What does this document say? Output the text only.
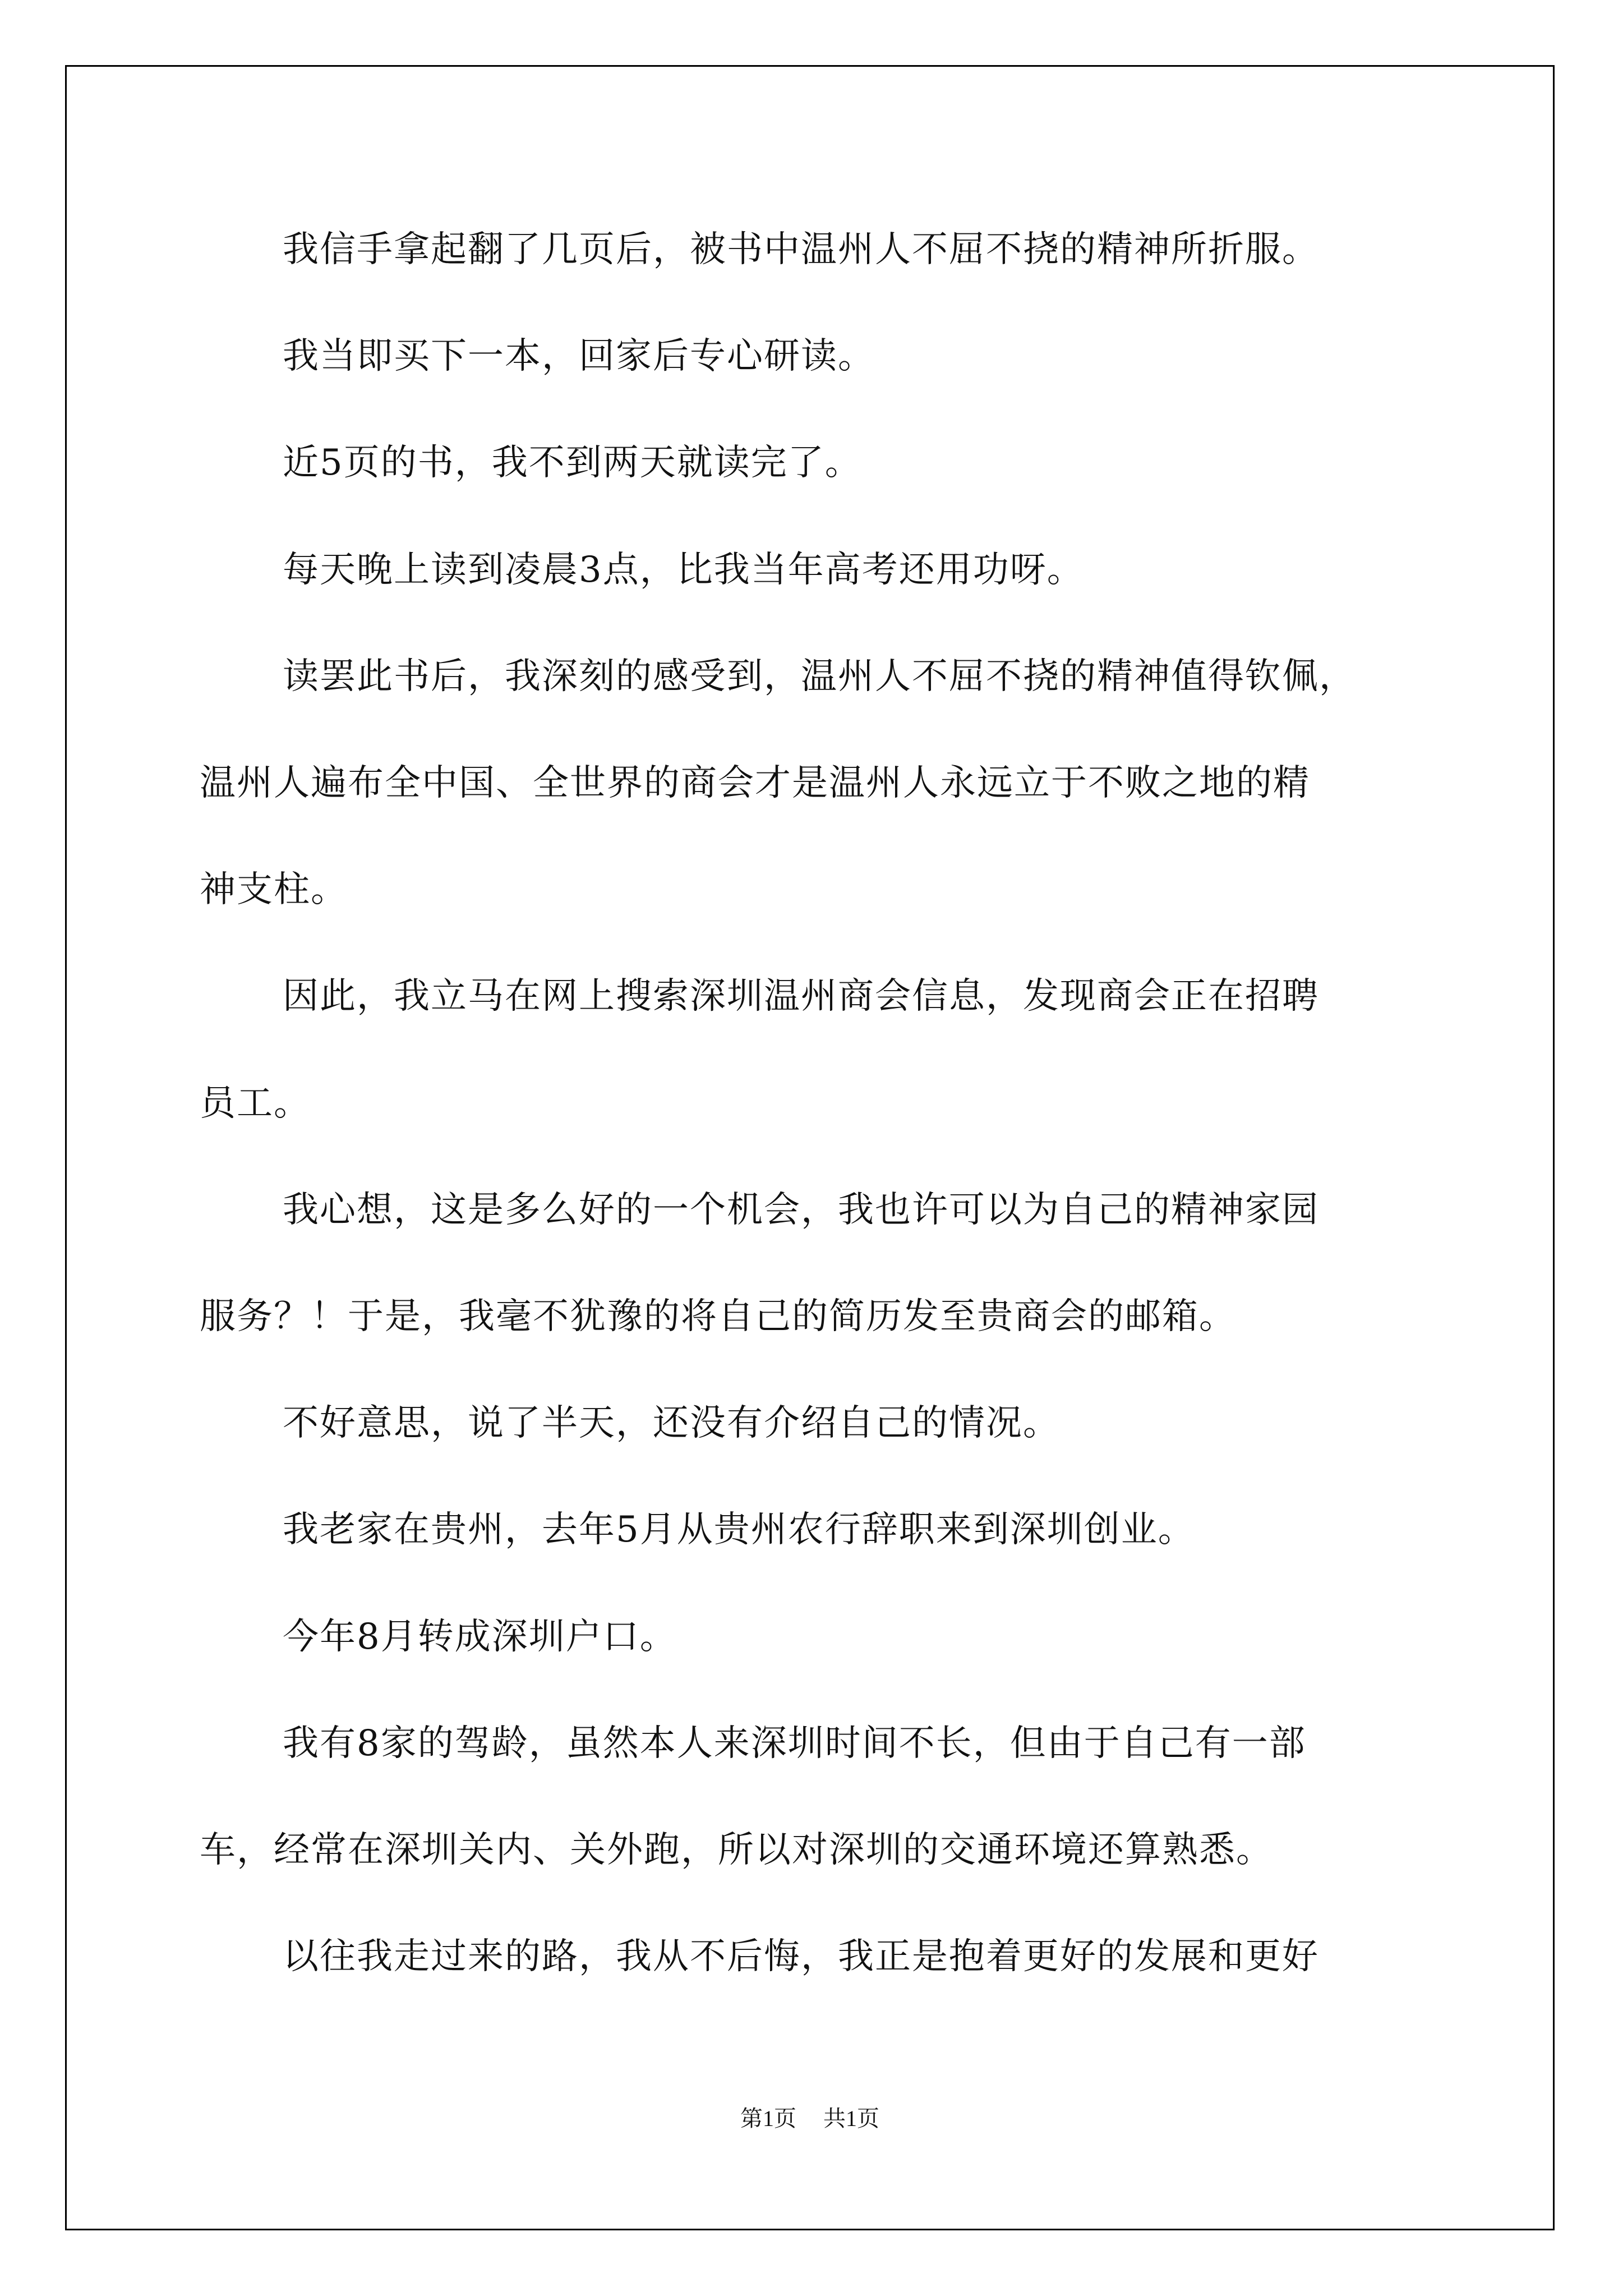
我信手拿起翻了几页后，被书中温州人不屈不挠的精神所折服。
我当即买下一本，回家后专心研读。
近5页的书，我不到两天就读完了。
每天晚上读到凌晨3点，比我当年高考还用功呀。
读罢此书后，我深刻的感受到，温州人不屈不挠的精神值得钦佩，
温州人遍布全中国、全世界的商会才是温州人永远立于不败之地的精
神支柱。
因此，我立马在网上搜索深圳温州商会信息，发现商会正在招聘
员工。
我心想，这是多么好的一个机会，我也许可以为自己的精神家园
服务？！于是，我毫不犹豫的将自己的简历发至贵商会的邮箱。
不好意思，说了半天，还没有介绍自己的情况。
我老家在贵州，去年5月从贵州农行辞职来到深圳创业。
今年8月转成深圳户口。
我有8家的驾龄，虽然本人来深圳时间不长，但由于自己有一部
车，经常在深圳关内、关外跑，所以对深圳的交通环境还算熟悉。
以往我走过来的路，我从不后悔，我正是抱着更好的发展和更好
第1页 共1页
